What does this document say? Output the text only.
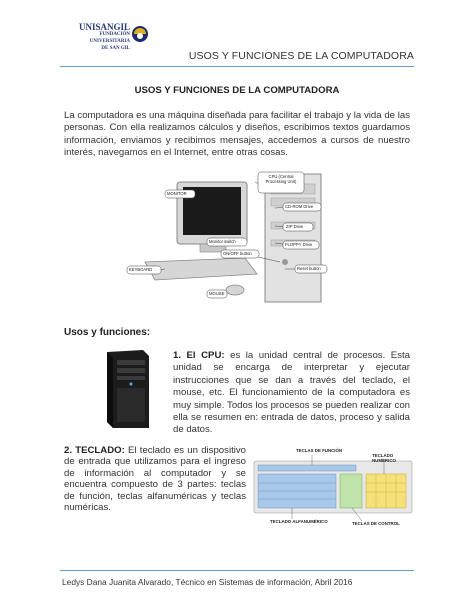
UNISANGIL
FUNDACIÓN UNIVERSITARIA
DE SAN GIL
USOS Y FUNCIONES DE LA COMPUTADORA
USOS Y FUNCIONES DE LA COMPUTADORA
La computadora es una máquina diseñada para facilitar el trabajo y la vida de las personas. Con ella realizamos cálculos y diseños, escribimos textos guardamos información, enviamos y recibimos mensajes, accedemos a cursos de nuestro interés, navegamos en el Internet, entre otras cosas.
CPU (Central Processing Unit)
MONITOR
CD-ROM Drive
ZIP Drive
Monitor switch
FLOPPY Drive
ON/OFF button
Reset button
KEYBOARD
MOUSE
Usos y funciones:
1. El CPU: es la unidad central de procesos. Esta unidad se encarga de interpretar y ejecutar instrucciones que se dan a través del teclado, el mouse, etc. El funcionamiento de la computadora es muy simple. Todos los procesos se pueden realizar con ella se resumen en: entrada de datos, proceso y salida de datos.
2. TECLADO: El teclado es un dispositivo de entrada que utilizamos para el ingreso de información al computador y se encuentra compuesto de 3 partes: teclas de función, teclas alfanuméricas y teclas numéricas.
TECLAS DE FUNCIÓN
TECLADO NUMÉRICO
TECLADO ALFANUMÉRICO	TECLAS DE CONTROL
Ledys Dana Juanita Alvarado, Técnico en Sistemas de información, Abril 2016
